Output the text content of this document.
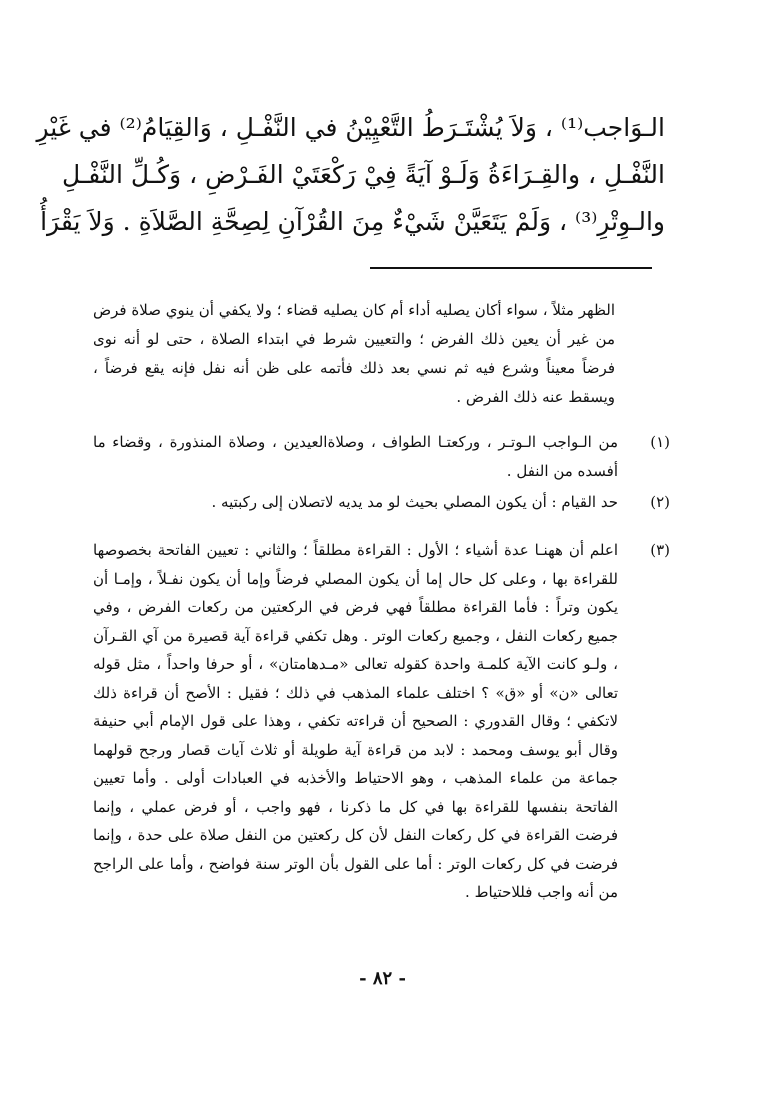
الـوَاجب⁽¹⁾ ، وَلاَ يُشْتَـرَطُ التَّعْيِيْنُ في النَّفْـلِ ، وَالقِيَامُ⁽²⁾ في غَيْرِ
النَّفْـلِ ، والقِـرَاءَةُ وَلَـوْ آيَةً فِيْ رَكْعَتَيْ الفَـرْضِ ، وَكُـلِّ النَّفْـلِ
والـوِتْرِ⁽³⁾ ، وَلَمْ يَتَعَيَّنْ شَيْءٌ مِنَ القُرْآنِ لِصِحَّةِ الصَّلاَةِ . وَلاَ يَقْرَأُ
الظهر مثلاً ، سواء أكان يصليه أداء أم كان يصليه قضاء ؛ ولا يكفي أن ينوي صلاة فرض من غير أن يعين ذلك الفرض ؛ والتعيين شرط في ابتداء الصلاة ، حتى لو أنه نوى فرضاً معيناً وشرع فيه ثم نسي بعد ذلك فأتمه على ظن أنه نفل فإنه يقع فرضاً ، ويسقط عنه ذلك الفرض .
(١)
من الـواجب الـوتـر ، وركعتـا الطواف ، وصلاةالعيدين ، وصلاة المنذورة ، وقضاء ما أفسده من النفل .
(٢)
حد القيام : أن يكون المصلي بحيث لو مد يديه لاتصلان إلى ركبتيه .
(٣)
اعلم أن ههنـا عدة أشياء ؛ الأول : القراءة مطلقاً ؛ والثاني : تعيين الفاتحة بخصوصها للقراءة بها ، وعلى كل حال إما أن يكون المصلي فرضاً وإما أن يكون نفـلاً ، وإمـا أن يكون وتراً : فأما القراءة مطلقاً فهي فرض في الركعتين من ركعات الفرض ، وفي جميع ركعات النفل ، وجميع ركعات الوتر . وهل تكفي قراءة آية قصيرة من آي القـرآن ، ولـو كانت الآية كلمـة واحدة كقوله تعالى «مـدهامتان» ، أو حرفا واحداً ، مثل قوله تعالى «ن» أو «ق» ؟ اختلف علماء المذهب في ذلك ؛ فقيل : الأصح أن قراءة ذلك لاتكفي ؛ وقال القدوري : الصحيح أن قراءته تكفي ، وهذا على قول الإمام أبي حنيفة وقال أبو يوسف ومحمد : لابد من قراءة آية طويلة أو ثلاث آيات قصار ورجح قولهما جماعة من علماء المذهب ، وهو الاحتياط والأخذبه في العبادات أولى . وأما تعيين الفاتحة بنفسها للقراءة بها في كل ما ذكرنا ، فهو واجب ، أو فرض عملي ، وإنما فرضت القراءة في كل ركعات النفل لأن كل ركعتين من النفل صلاة على حدة ، وإنما فرضت في كل ركعات الوتر : أما على القول بأن الوتر سنة فواضح ، وأما على الراجح من أنه واجب فللاحتياط .
- ٨٢ -
